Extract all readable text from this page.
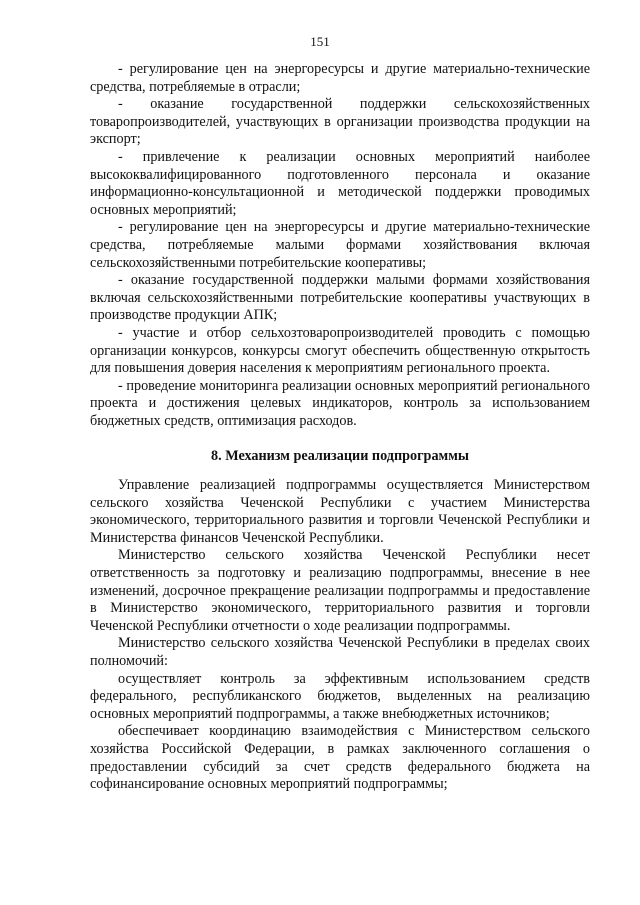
151

- регулирование цен на энергоресурсы и другие материально-технические средства, потребляемые в отрасли;

- оказание государственной поддержки сельскохозяйственных товаропроизводителей, участвующих в организации производства продукции на экспорт;

- привлечение к реализации основных мероприятий наиболее высококвалифицированного подготовленного персонала и оказание информационно-консультационной и методической поддержки проводимых основных мероприятий;

- регулирование цен на энергоресурсы и другие материально-технические средства, потребляемые малыми формами хозяйствования включая сельскохозяйственными потребительские кооперативы;

- оказание государственной поддержки малыми формами хозяйствования включая сельскохозяйственными потребительские кооперативы участвующих в производстве продукции АПК;

- участие и отбор сельхозтоваропроизводителей проводить с помощью организации конкурсов, конкурсы смогут обеспечить общественную открытость для повышения доверия населения к мероприятиям регионального проекта.

- проведение мониторинга реализации основных мероприятий регионального проекта и достижения целевых индикаторов, контроль за использованием бюджетных средств, оптимизация расходов.

8. Механизм реализации подпрограммы

Управление реализацией подпрограммы осуществляется Министерством сельского хозяйства Чеченской Республики с участием Министерства экономического, территориального развития и торговли Чеченской Республики и Министерства финансов Чеченской Республики.

Министерство сельского хозяйства Чеченской Республики несет ответственность за подготовку и реализацию подпрограммы, внесение в нее изменений, досрочное прекращение реализации подпрограммы и предоставление в Министерство экономического, территориального развития и торговли Чеченской Республики отчетности о ходе реализации подпрограммы.

Министерство сельского хозяйства Чеченской Республики в пределах своих полномочий:

осуществляет контроль за эффективным использованием средств федерального, республиканского бюджетов, выделенных на реализацию основных мероприятий подпрограммы, а также внебюджетных источников;

обеспечивает координацию взаимодействия с Министерством сельского хозяйства Российской Федерации, в рамках заключенного соглашения о предоставлении субсидий за счет средств федерального бюджета на софинансирование основных мероприятий подпрограммы;
